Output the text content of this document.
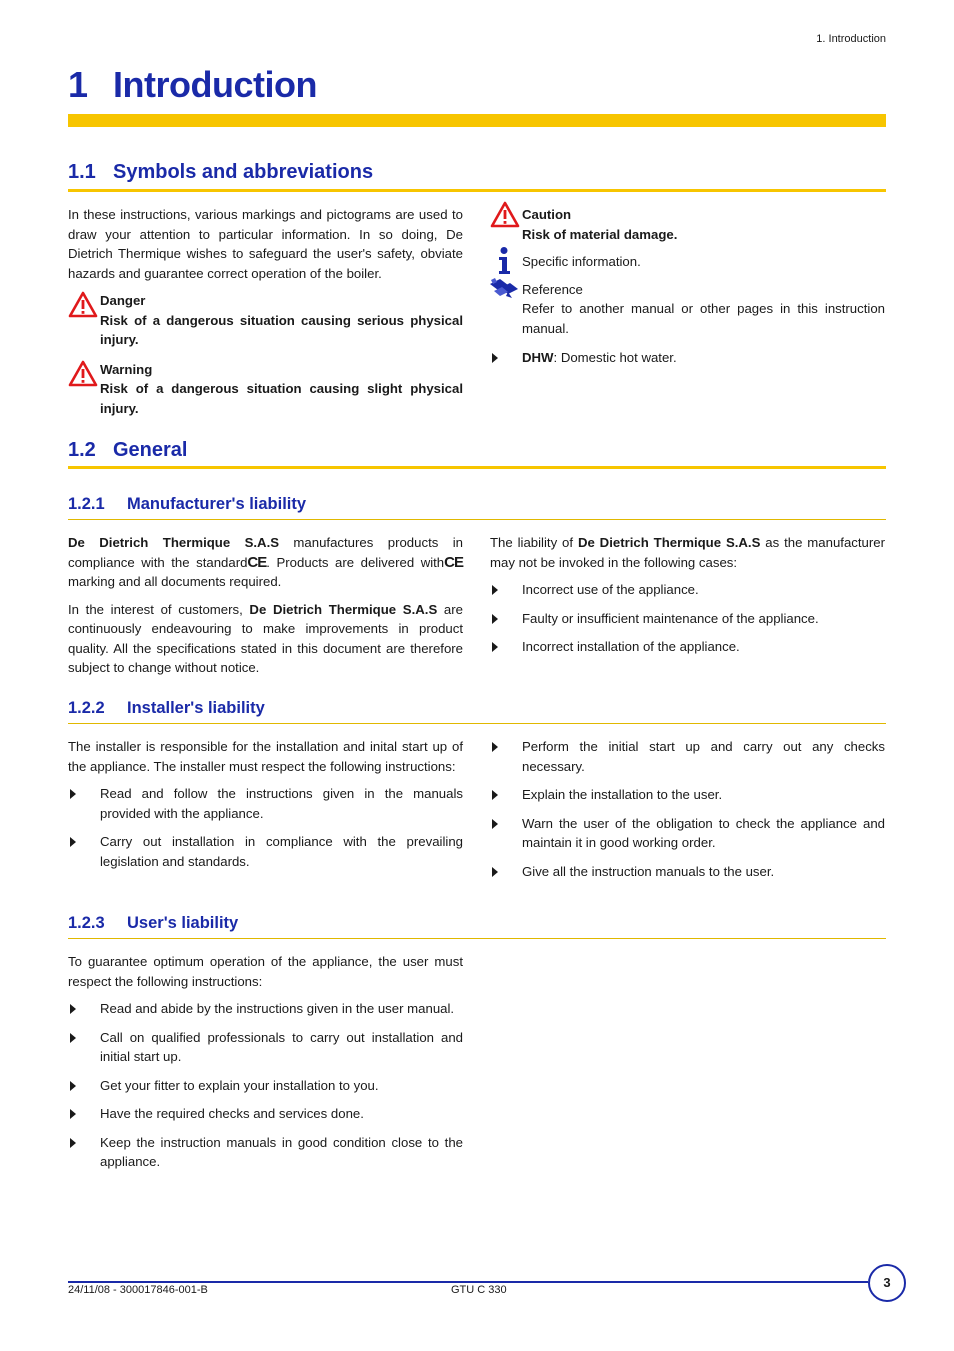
1. Introduction
1 Introduction
1.1 Symbols and abbreviations
In these instructions, various markings and pictograms are used to draw your attention to particular information. In so doing, De Dietrich Thermique wishes to safeguard the user's safety, obviate hazards and guarantee correct operation of the boiler.
Danger
Risk of a dangerous situation causing serious physical injury.
Warning
Risk of a dangerous situation causing slight physical injury.
Caution
Risk of material damage.
Specific information.
Reference
Refer to another manual or other pages in this instruction manual.
DHW: Domestic hot water.
1.2 General
1.2.1 Manufacturer's liability
De Dietrich Thermique S.A.S manufactures products in compliance with the standardCE. Products are delivered withCE marking and all documents required.
In the interest of customers, De Dietrich Thermique S.A.S are continuously endeavouring to make improvements in product quality. All the specifications stated in this document are therefore subject to change without notice.
The liability of De Dietrich Thermique S.A.S as the manufacturer may not be invoked in the following cases:
Incorrect use of the appliance.
Faulty or insufficient maintenance of the appliance.
Incorrect installation of the appliance.
1.2.2 Installer's liability
The installer is responsible for the installation and inital start up of the appliance. The installer must respect the following instructions:
Read and follow the instructions given in the manuals provided with the appliance.
Carry out installation in compliance with the prevailing legislation and standards.
Perform the initial start up and carry out any checks necessary.
Explain the installation to the user.
Warn the user of the obligation to check the appliance and maintain it in good working order.
Give all the instruction manuals to the user.
1.2.3 User's liability
To guarantee optimum operation of the appliance, the user must respect the following instructions:
Read and abide by the instructions given in the user manual.
Call on qualified professionals to carry out installation and initial start up.
Get your fitter to explain your installation to you.
Have the required checks and services done.
Keep the instruction manuals in good condition close to the appliance.
24/11/08 - 300017846-001-B	GTU C 330	3
